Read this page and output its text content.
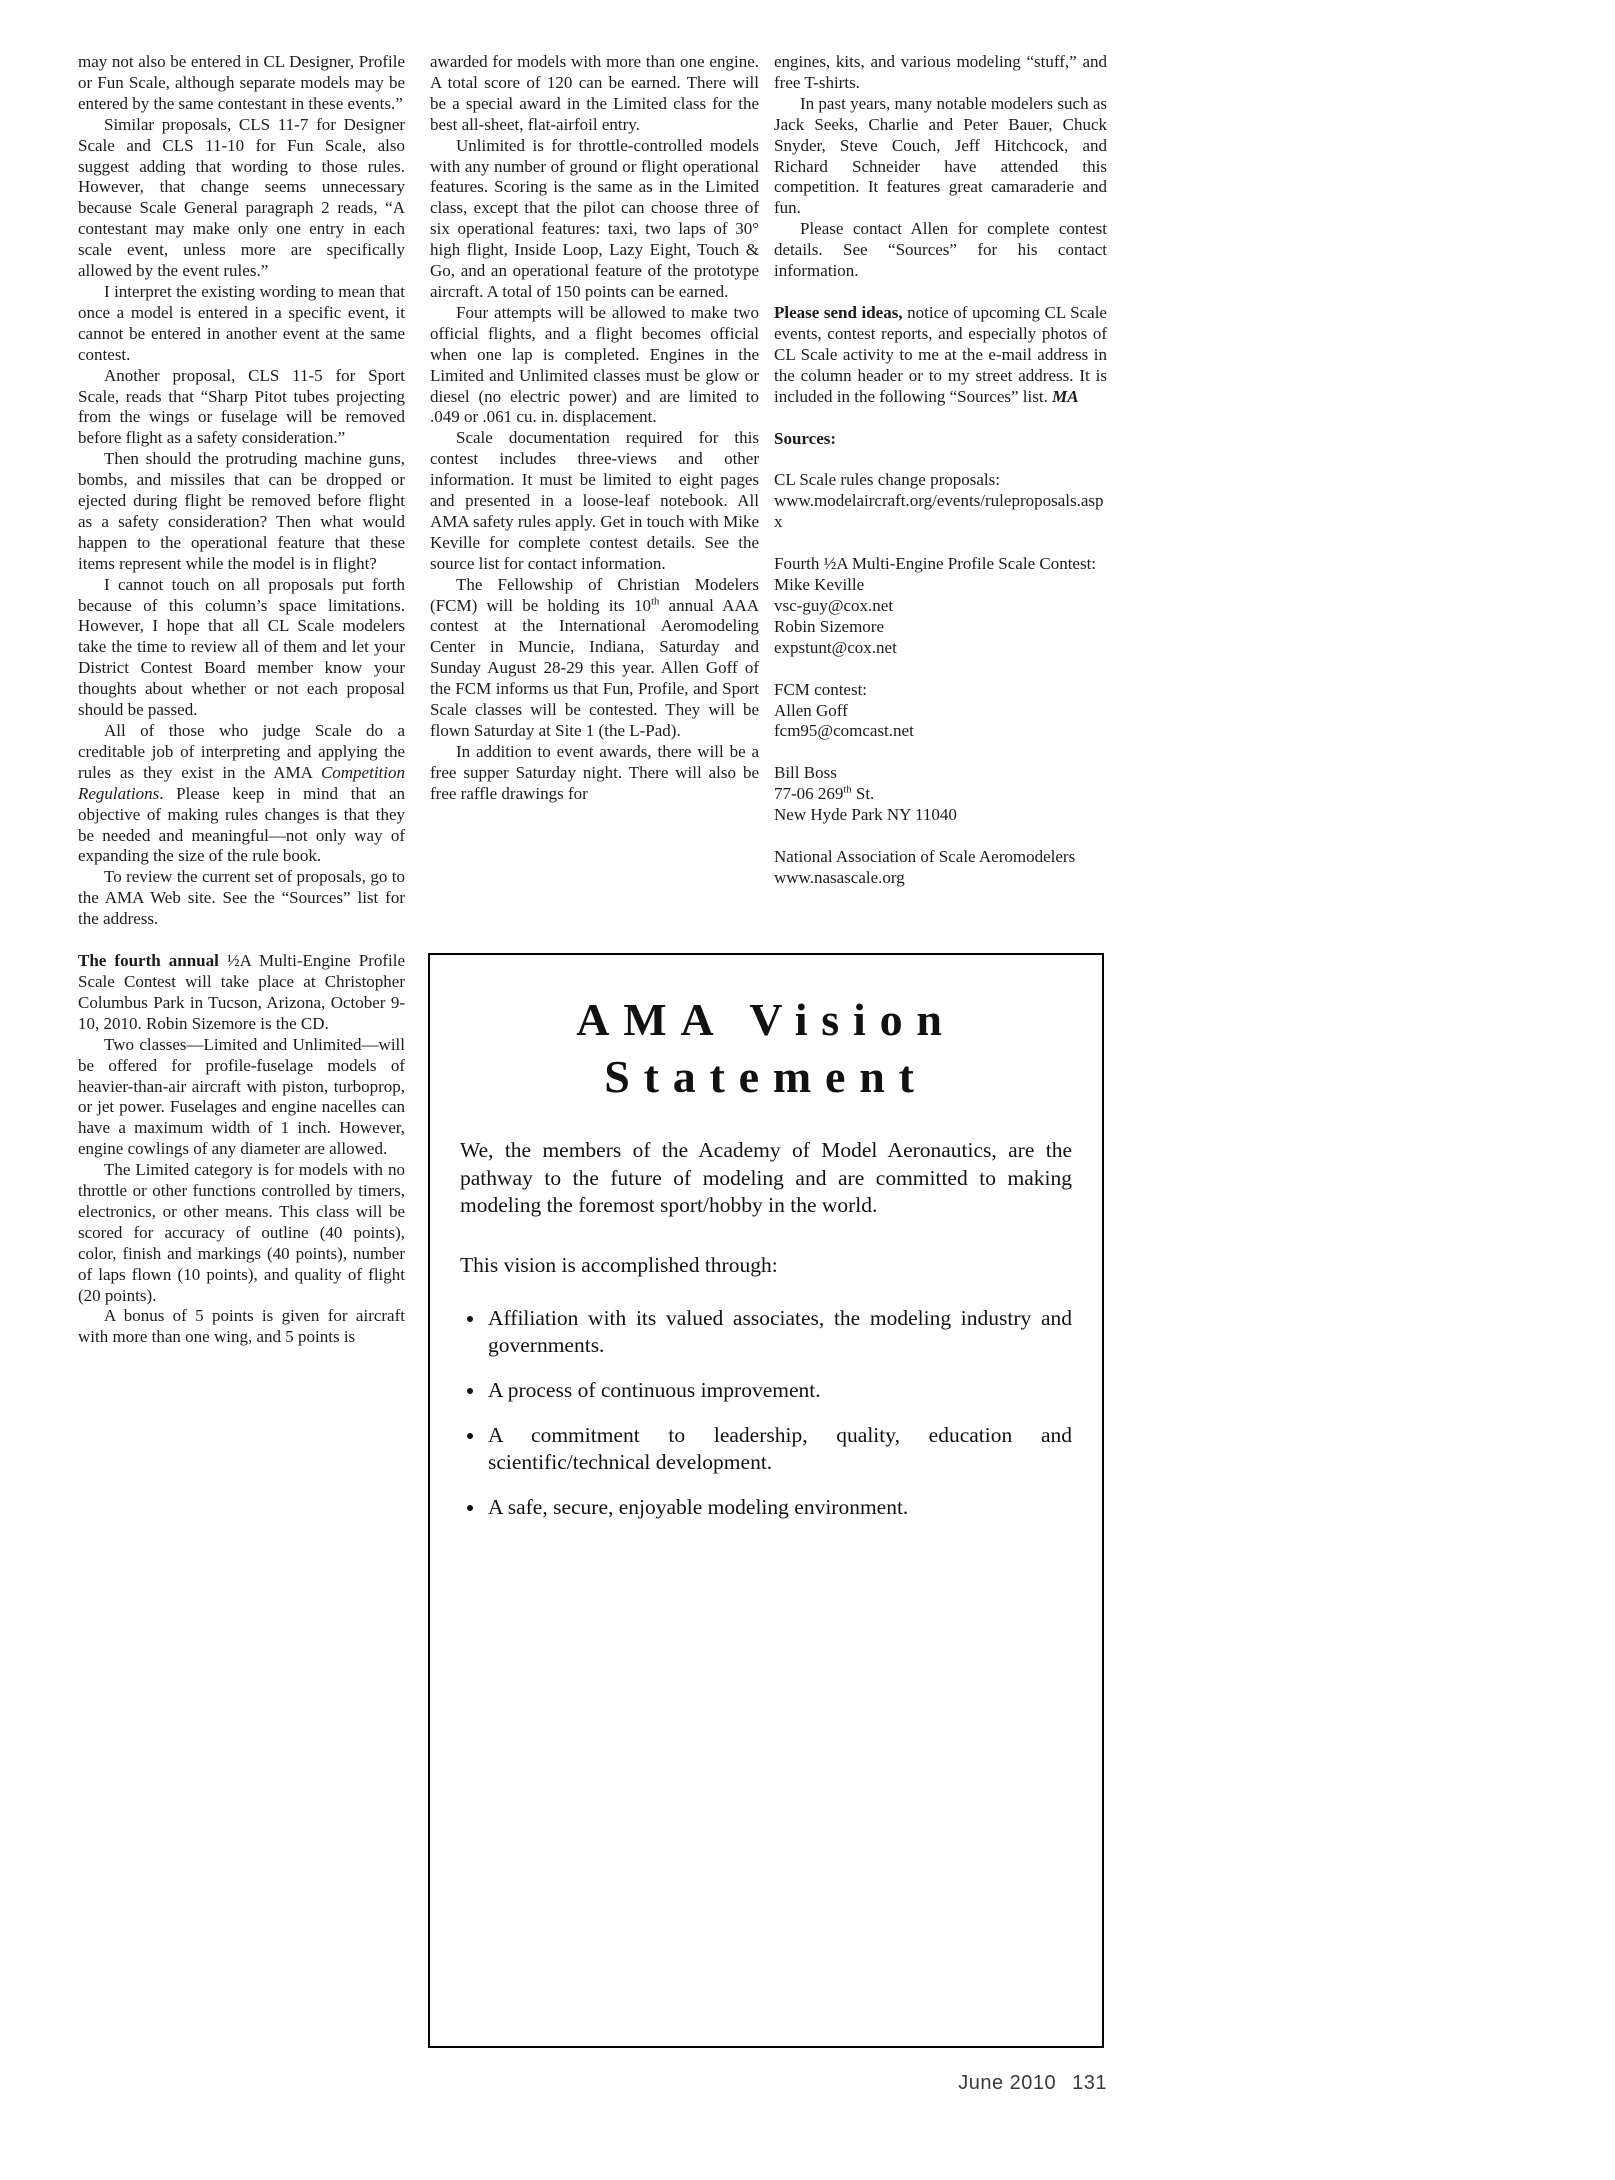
may not also be entered in CL Designer, Profile or Fun Scale, although separate models may be entered by the same contestant in these events.”

Similar proposals, CLS 11-7 for Designer Scale and CLS 11-10 for Fun Scale, also suggest adding that wording to those rules. However, that change seems unnecessary because Scale General paragraph 2 reads, “A contestant may make only one entry in each scale event, unless more are specifically allowed by the event rules.”

I interpret the existing wording to mean that once a model is entered in a specific event, it cannot be entered in another event at the same contest.

Another proposal, CLS 11-5 for Sport Scale, reads that “Sharp Pitot tubes projecting from the wings or fuselage will be removed before flight as a safety consideration.”

Then should the protruding machine guns, bombs, and missiles that can be dropped or ejected during flight be removed before flight as a safety consideration? Then what would happen to the operational feature that these items represent while the model is in flight?

I cannot touch on all proposals put forth because of this column’s space limitations. However, I hope that all CL Scale modelers take the time to review all of them and let your District Contest Board member know your thoughts about whether or not each proposal should be passed.

All of those who judge Scale do a creditable job of interpreting and applying the rules as they exist in the AMA Competition Regulations. Please keep in mind that an objective of making rules changes is that they be needed and meaningful—not only way of expanding the size of the rule book.

To review the current set of proposals, go to the AMA Web site. See the “Sources” list for the address.

The fourth annual ½A Multi-Engine Profile Scale Contest will take place at Christopher Columbus Park in Tucson, Arizona, October 9-10, 2010. Robin Sizemore is the CD.

Two classes—Limited and Unlimited—will be offered for profile-fuselage models of heavier-than-air aircraft with piston, turboprop, or jet power. Fuselages and engine nacelles can have a maximum width of 1 inch. However, engine cowlings of any diameter are allowed.

The Limited category is for models with no throttle or other functions controlled by timers, electronics, or other means. This class will be scored for accuracy of outline (40 points), color, finish and markings (40 points), number of laps flown (10 points), and quality of flight (20 points).

A bonus of 5 points is given for aircraft with more than one wing, and 5 points is

awarded for models with more than one engine. A total score of 120 can be earned. There will be a special award in the Limited class for the best all-sheet, flat-airfoil entry.

Unlimited is for throttle-controlled models with any number of ground or flight operational features. Scoring is the same as in the Limited class, except that the pilot can choose three of six operational features: taxi, two laps of 30° high flight, Inside Loop, Lazy Eight, Touch & Go, and an operational feature of the prototype aircraft. A total of 150 points can be earned.

Four attempts will be allowed to make two official flights, and a flight becomes official when one lap is completed. Engines in the Limited and Unlimited classes must be glow or diesel (no electric power) and are limited to .049 or .061 cu. in. displacement.

Scale documentation required for this contest includes three-views and other information. It must be limited to eight pages and presented in a loose-leaf notebook. All AMA safety rules apply. Get in touch with Mike Keville for complete contest details. See the source list for contact information.

The Fellowship of Christian Modelers (FCM) will be holding its 10th annual AAA contest at the International Aeromodeling Center in Muncie, Indiana, Saturday and Sunday August 28-29 this year. Allen Goff of the FCM informs us that Fun, Profile, and Sport Scale classes will be contested. They will be flown Saturday at Site 1 (the L-Pad).

In addition to event awards, there will be a free supper Saturday night. There will also be free raffle drawings for

engines, kits, and various modeling “stuff,” and free T-shirts.

In past years, many notable modelers such as Jack Seeks, Charlie and Peter Bauer, Chuck Snyder, Steve Couch, Jeff Hitchcock, and Richard Schneider have attended this competition. It features great camaraderie and fun.

Please contact Allen for complete contest details. See “Sources” for his contact information.

Please send ideas, notice of upcoming CL Scale events, contest reports, and especially photos of CL Scale activity to me at the e-mail address in the column header or to my street address. It is included in the following “Sources” list. MA

Sources:

CL Scale rules change proposals:

www.modelaircraft.org/events/ruleproposals.aspx

Fourth ½A Multi-Engine Profile Scale Contest:

Mike Keville

vsc-guy@cox.net

Robin Sizemore

expstunt@cox.net

FCM contest:

Allen Goff

fcm95@comcast.net

Bill Boss

77-06 269th St.

New Hyde Park NY 11040

National Association of Scale Aeromodelers

www.nasascale.org

AMA Vision
Statement

We, the members of the Academy of Model Aeronautics, are the pathway to the future of modeling and are committed to making modeling the foremost sport/hobby in the world.

This vision is accomplished through:

• Affiliation with its valued associates, the modeling industry and governments.
• A process of continuous improvement.
• A commitment to leadership, quality, education and scientific/technical development.
• A safe, secure, enjoyable modeling environment.
June 2010 131
